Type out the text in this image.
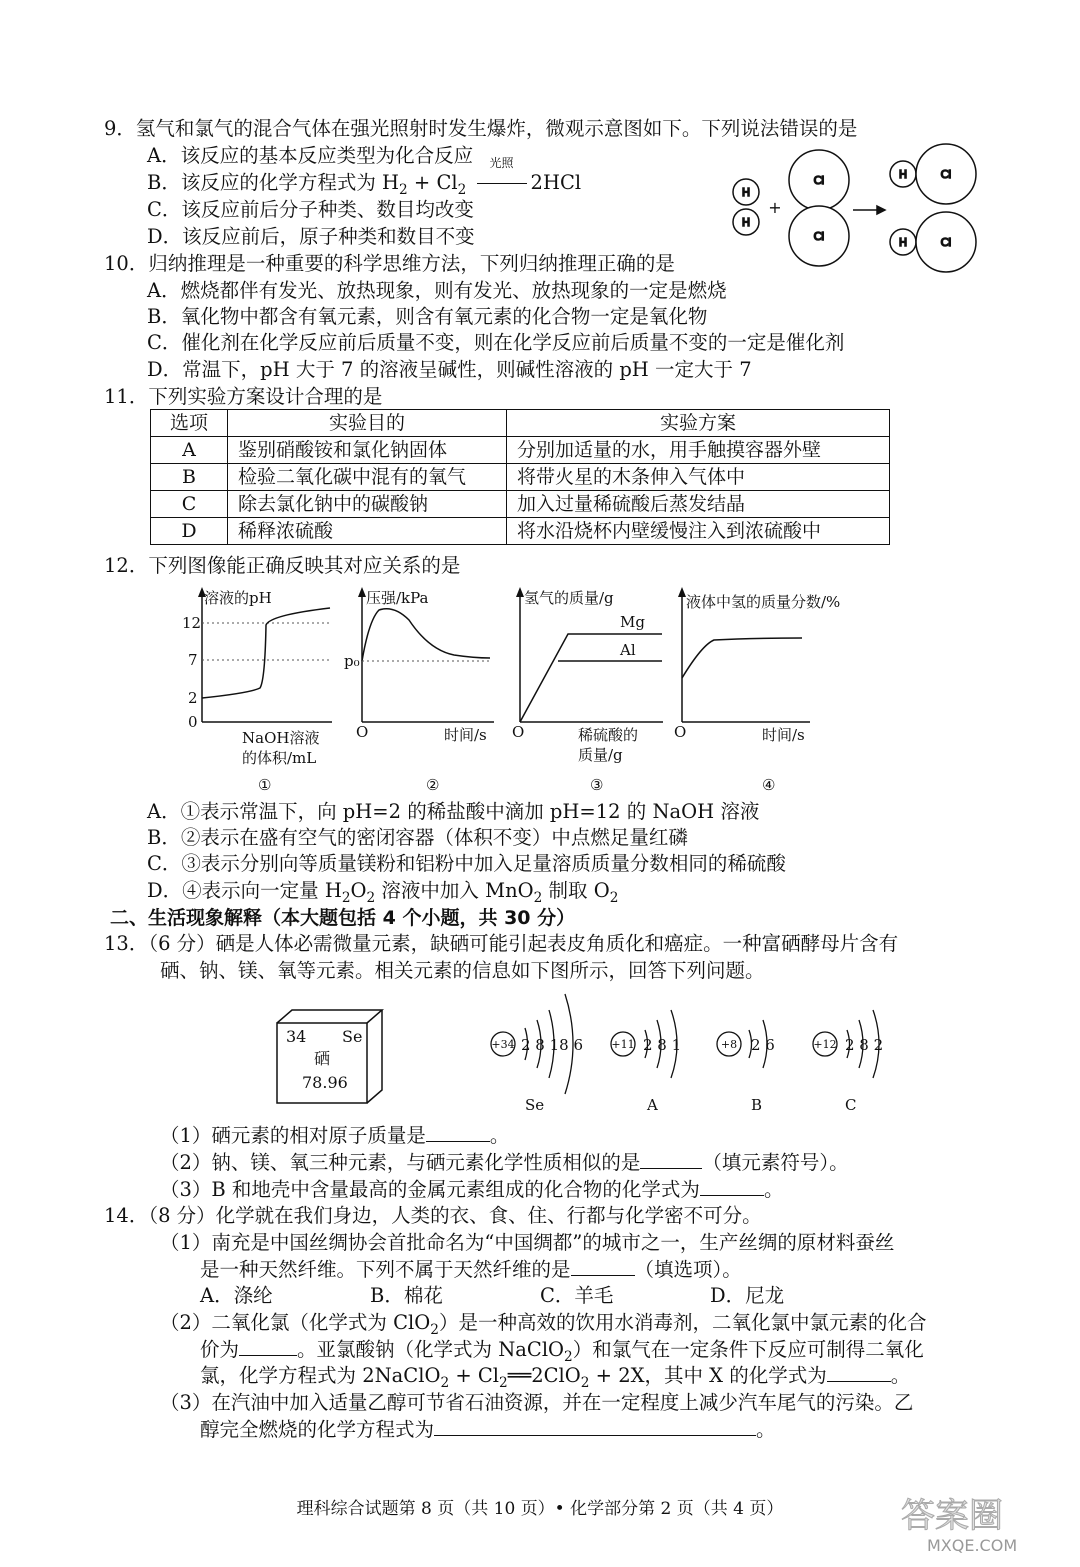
9．氢气和氯气的混合气体在强光照射时发生爆炸，微观示意图如下。下列说法错误的是
A．该反应的基本反应类型为化合反应
B．该反应的化学方程式为 $H_2 + Cl_2$
光照
2HCl
C．该反应前后分子种类、数目均改变
D．该反应前后，原子种类和数目不变
H
H
+
Cl
Cl
H	Cl
H	Cl
10．归纳推理是一种重要的科学思维方法，下列归纳推理正确的是
A．燃烧都伴有发光、放热现象，则有发光、放热现象的一定是燃烧
B．氧化物中都含有氧元素，则含有氧元素的化合物一定是氧化物
C．催化剂在化学反应前后质量不变，则在化学反应前后质量不变的一定是催化剂
D．常温下，pH 大于 7 的溶液呈碱性，则碱性溶液的 pH 一定大于 7
11．下列实验方案设计合理的是
选项	实验目的	实验方案
A	鉴别硝酸铵和氯化钠固体	分别加适量的水，用手触摸容器外壁
B	检验二氧化碳中混有的氧气	将带火星的木条伸入气体中
C	除去氯化钠中的碳酸钠	加入过量稀硫酸后蒸发结晶
D	稀释浓硫酸	将水沿烧杯内壁缓慢注入到浓硫酸中
12．下列图像能正确反映其对应关系的是
溶液的pH
12
7
2
0
NaOH溶液
的体积/mL
①
压强/kPa
p₀
O	时间/s
②
氢气的质量/g
Mg
Al
O	稀硫酸的
质量/g
③
液体中氢的质量分数/%
O	时间/s
④
A．①表示常温下，向 pH=2 的稀盐酸中滴加 pH=12 的 NaOH 溶液
B．②表示在盛有空气的密闭容器（体积不变）中点燃足量红磷
C．③表示分别向等质量镁粉和铝粉中加入足量溶质质量分数相同的稀硫酸
D．④表示向一定量 $H_2O_2$ 溶液中加入 MnO$_2$ 制取 $O_2$
二、生活现象解释（本大题包括 4 个小题，共 30 分）
13．（6 分）硒是人体必需微量元素，缺硒可能引起表皮角质化和癌症。一种富硒酵母片含有
硒、钠、镁、氧等元素。相关元素的信息如下图所示，回答下列问题。
34 Se
硒
78.96
+34 2 8 18 6
Se
+11 2 8 1
A
+8 2 6
B
+12 2 8 2
C
（1）硒元素的相对原子质量是	。
（2）钠、镁、氧三种元素，与硒元素化学性质相似的是	（填元素符号）。
（3）B 和地壳中含量最高的金属元素组成的化合物的化学式为	。
14．（8 分）化学就在我们身边，人类的衣、食、住、行都与化学密不可分。
（1）南充是中国丝绸协会首批命名为“中国绸都”的城市之一，生产丝绸的原材料蚕丝
是一种天然纤维。下列不属于天然纤维的是	（填选项）。
A．涤纶	B．棉花	C．羊毛	D．尼龙
（2）二氧化氯（化学式为 ClO$_2$）是一种高效的饮用水消毒剂，二氧化氯中氯元素的化合
价为	。亚氯酸钠（化学式为 NaClO$_2$）和氯气在一定条件下反应可制得二氧化
氯，化学方程式为 2NaClO$_2$ + $Cl_2══2ClO_2 + 2X$，其中 X 的化学式为	。
（3）在汽油中加入适量乙醇可节省石油资源，并在一定程度上减少汽车尾气的污染。乙
醇完全燃烧的化学方程式为	。
理科综合试题第 8 页（共 10 页）• 化学部分第 2 页（共 4 页）	答案圈
MXQE.COM
